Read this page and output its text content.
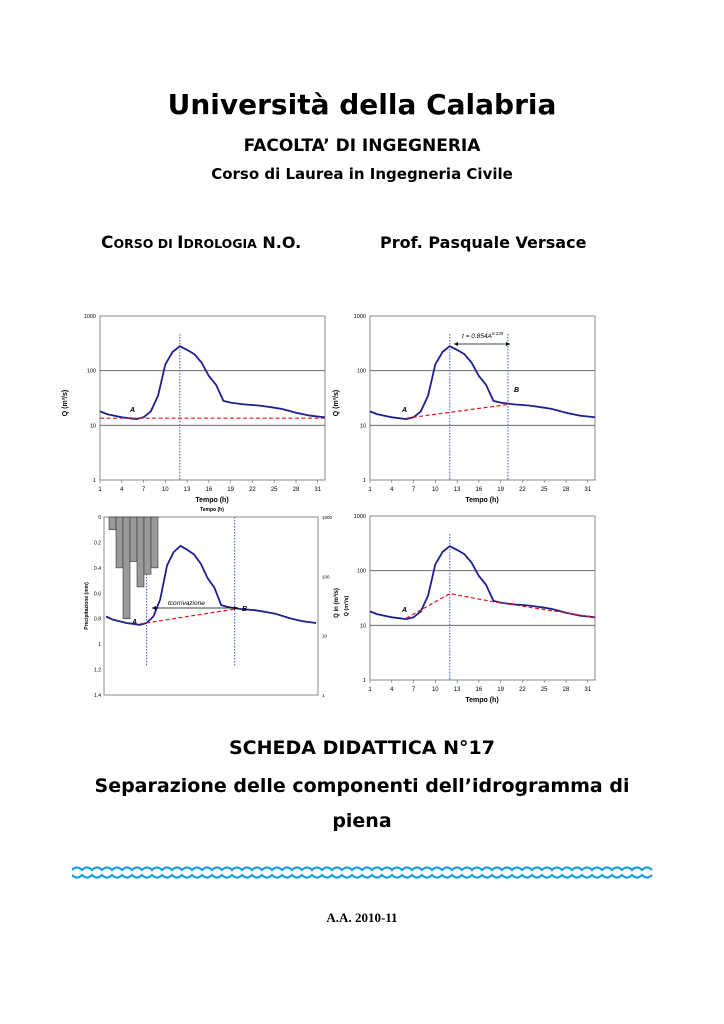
Università della Calabria
FACOLTA’ DI INGEGNERIA
Corso di Laurea in Ingegneria Civile
CORSO DI IDROLOGIA N.O.	Prof. Pasquale Versace
1000
100
10
1
1	4	7	10	13	16	19	22	25	28	31
Q (m³/s)
Tempo (h)
Tempo (h)
A
1000
100
10
1
1	4	7	10	13	16	19	22	25	28	31
Q (m³/s)
Tempo (h)
A
B
$t = 0.854A^{0.235}$
0
0.2
0.4
0.6
0.8
1
1.2
1.4
1000
100
10
1
Precipitazione (mm)	Q (m³/s)
A
B
tcorrivazione
1000
100
10
1
1	4	7	10	13	16	19	22	25	28	31
Q in (m³/s)
Tempo (h)
A
SCHEDA DIDATTICA N°17
Separazione delle componenti dell’idrogramma di
piena
A.A. 2010-11
